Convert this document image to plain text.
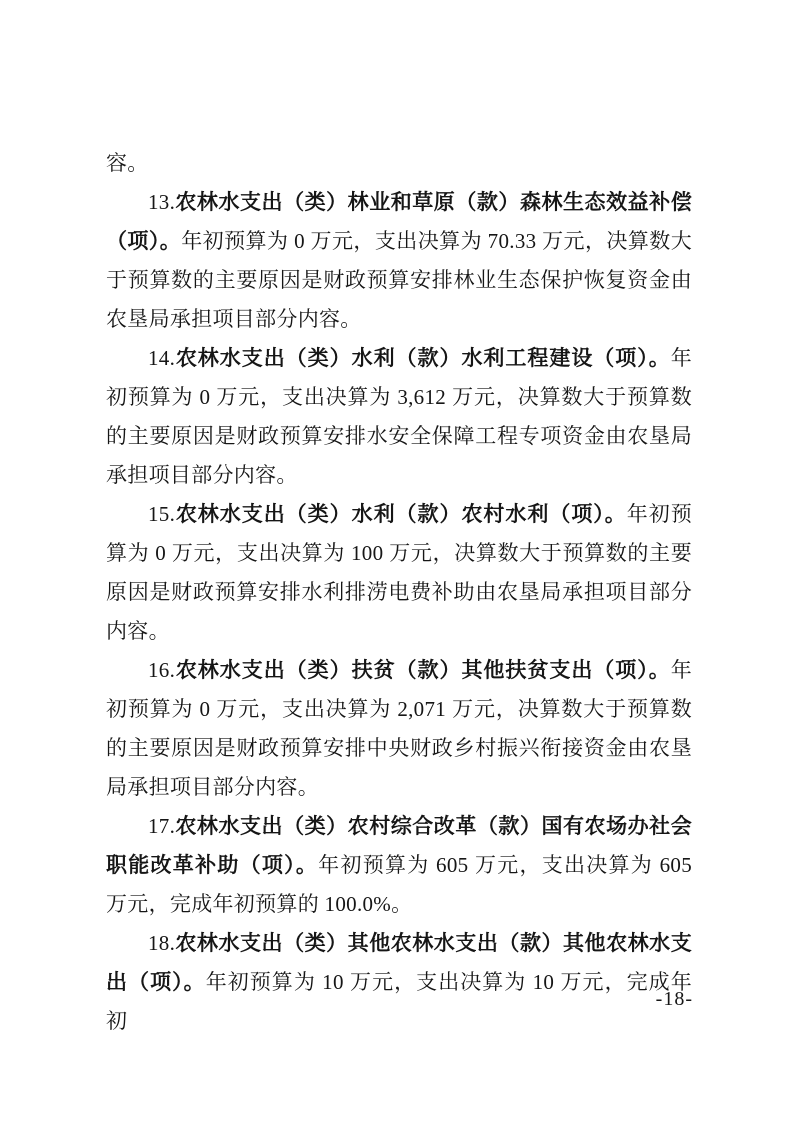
容。

13.农林水支出（类）林业和草原（款）森林生态效益补偿（项）。年初预算为 0 万元，支出决算为 70.33 万元，决算数大于预算数的主要原因是财政预算安排林业生态保护恢复资金由农垦局承担项目部分内容。

14.农林水支出（类）水利（款）水利工程建设（项）。年初预算为 0 万元，支出决算为 3,612 万元，决算数大于预算数的主要原因是财政预算安排水安全保障工程专项资金由农垦局承担项目部分内容。

15.农林水支出（类）水利（款）农村水利（项）。年初预算为 0 万元，支出决算为 100 万元，决算数大于预算数的主要原因是财政预算安排水利排涝电费补助由农垦局承担项目部分内容。

16.农林水支出（类）扶贫（款）其他扶贫支出（项）。年初预算为 0 万元，支出决算为 2,071 万元，决算数大于预算数的主要原因是财政预算安排中央财政乡村振兴衔接资金由农垦局承担项目部分内容。

17.农林水支出（类）农村综合改革（款）国有农场办社会职能改革补助（项）。年初预算为 605 万元，支出决算为 605 万元，完成年初预算的 100.0%。

18.农林水支出（类）其他农林水支出（款）其他农林水支出（项）。年初预算为 10 万元，支出决算为 10 万元，完成年初

-18-
